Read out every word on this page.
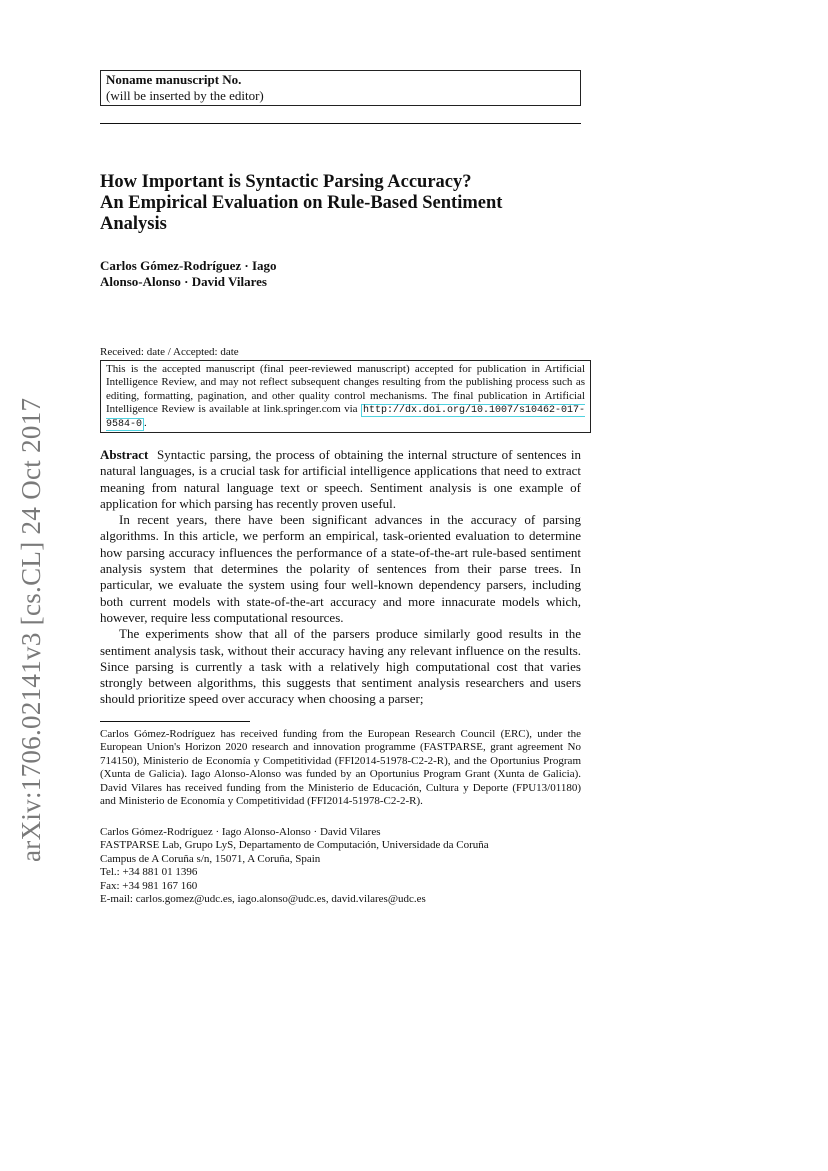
arXiv:1706.02141v3 [cs.CL] 24 Oct 2017
Noname manuscript No.
(will be inserted by the editor)
How Important is Syntactic Parsing Accuracy?
An Empirical Evaluation on Rule-Based Sentiment
Analysis
Carlos Gómez-Rodríguez · Iago
Alonso-Alonso · David Vilares
Received: date / Accepted: date
This is the accepted manuscript (final peer-reviewed manuscript) accepted for publication in Artificial Intelligence Review, and may not reflect subsequent changes resulting from the publishing process such as editing, formatting, pagination, and other quality control mechanisms. The final publication in Artificial Intelligence Review is available at link.springer.com via http://dx.doi.org/10.1007/s10462-017-9584-0 .

Abstract Syntactic parsing, the process of obtaining the internal structure of sentences in natural languages, is a crucial task for artificial intelligence applications that need to extract meaning from natural language text or speech. Sentiment analysis is one example of application for which parsing has recently proven useful.

In recent years, there have been significant advances in the accuracy of parsing algorithms. In this article, we perform an empirical, task-oriented evaluation to determine how parsing accuracy influences the performance of a state-of-the-art rule-based sentiment analysis system that determines the polarity of sentences from their parse trees. In particular, we evaluate the system using four well-known dependency parsers, including both current models with state-of-the-art accuracy and more innacurate models which, however, require less computational resources.

The experiments show that all of the parsers produce similarly good results in the sentiment analysis task, without their accuracy having any relevant influence on the results. Since parsing is currently a task with a relatively high computational cost that varies strongly between algorithms, this suggests that sentiment analysis researchers and users should prioritize speed over accuracy when choosing a parser;

Carlos Gómez-Rodríguez has received funding from the European Research Council (ERC), under the European Union's Horizon 2020 research and innovation programme (FASTPARSE, grant agreement No 714150), Ministerio de Economía y Competitividad (FFI2014-51978-C2-2-R), and the Oportunius Program (Xunta de Galicia). Iago Alonso-Alonso was funded by an Oportunius Program Grant (Xunta de Galicia). David Vilares has received funding from the Ministerio de Educación, Cultura y Deporte (FPU13/01180) and Ministerio de Economía y Competitividad (FFI2014-51978-C2-2-R).
Carlos Gómez-Rodríguez · Iago Alonso-Alonso · David Vilares
FASTPARSE Lab, Grupo LyS, Departamento de Computación, Universidade da Coruña
Campus de A Coruña s/n, 15071, A Coruña, Spain
Tel.: +34 881 01 1396
Fax: +34 981 167 160
E-mail: carlos.gomez@udc.es, iago.alonso@udc.es, david.vilares@udc.es
